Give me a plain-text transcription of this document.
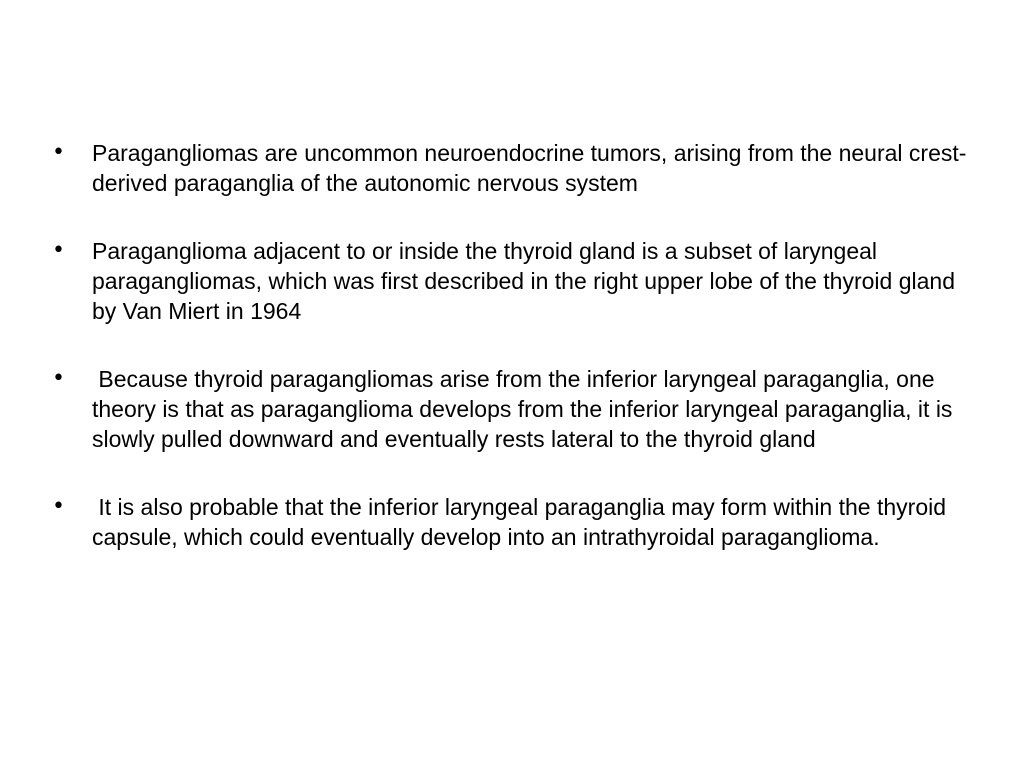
•	Paragangliomas are uncommon neuroendocrine tumors, arising from the neural crest-derived paraganglia of the autonomic nervous system
•	Paraganglioma adjacent to or inside the thyroid gland is a subset of laryngeal paragangliomas, which was first described in the right upper lobe of the thyroid gland by Van Miert in 1964
•	Because thyroid paragangliomas arise from the inferior laryngeal paraganglia, one theory is that as paraganglioma develops from the inferior laryngeal paraganglia, it is slowly pulled downward and eventually rests lateral to the thyroid gland
•	It is also probable that the inferior laryngeal paraganglia may form within the thyroid capsule, which could eventually develop into an intrathyroidal paraganglioma.
